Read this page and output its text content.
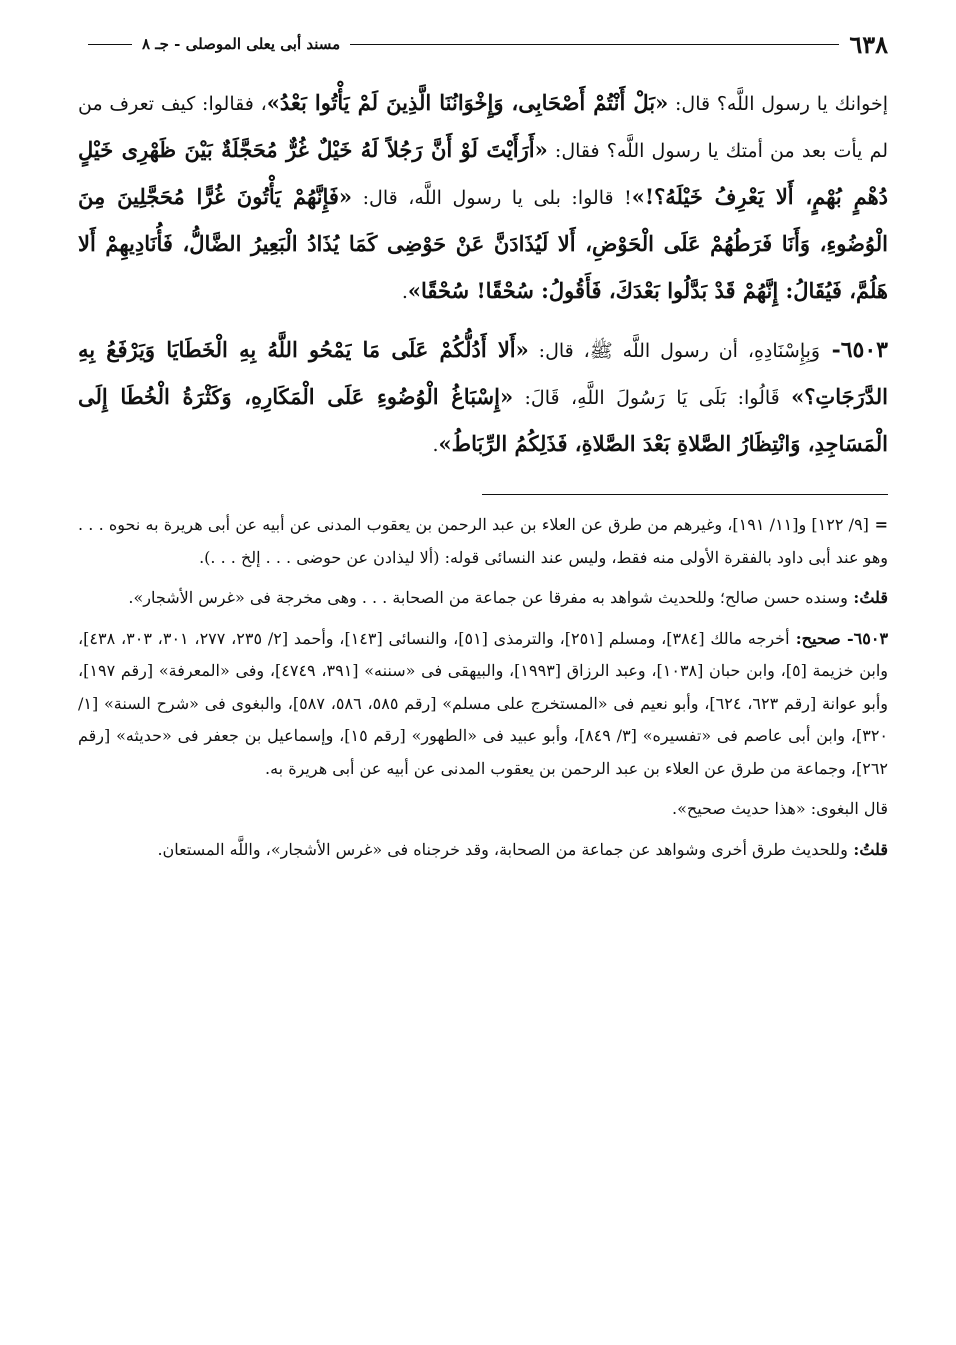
٦٣٨
مسند أبى يعلى الموصلى - جـ ٨

إخوانك يا رسول اللَّه؟ قال: «بَلْ أَنْتُمْ أَصْحَابِى، وَإِخْوَانُنَا الَّذِينَ لَمْ يَأْتُوا بَعْدُ»، فقالوا: كيف تعرف من لم يأت بعد من أمتك يا رسول اللَّه؟ فقال: «أَرَأَيْتَ لَوْ أَنَّ رَجُلاً لَهُ خَيْلٌ غُرٌّ مُحَجَّلَةٌ بَيْنَ ظَهْرِى خَيْلٍ دُهْمٍ بُهْمٍ، أَلا يَعْرِفُ خَيْلَهُ؟!»! قالوا: بلى يا رسول اللَّه، قال: «فَإِنَّهُمْ يَأْتُونَ غُرًّا مُحَجَّلِينَ مِنَ الْوُضُوءِ، وَأَنَا فَرَطُهُمْ عَلَى الْحَوْضِ، أَلا لَيُذَادَنَّ عَنْ حَوْضِى كَمَا يُذَادُ الْبَعِيرُ الضَّالُّ، فَأُنَادِيهِمْ أَلا هَلُمَّ، فَيُقَالُ: إِنَّهُمْ قَدْ بَدَّلُوا بَعْدَكَ، فَأَقُولُ: سُحْقًا! سُحْقًا».

٦٥٠٣- وَبِإِسْنَادِهِ، أن رسول اللَّه ﷺ، قال: «أَلا أَدُلُّكُمْ عَلَى مَا يَمْحُو اللَّهُ بِهِ الْخَطَايَا وَيَرْفَعُ بِهِ الدَّرَجَاتِ؟» قَالُوا: بَلَى يَا رَسُولَ اللَّهِ، قَالَ: «إِسْبَاغُ الْوُضُوءِ عَلَى الْمَكَارِهِ، وَكَثْرَةُ الْخُطَا إِلَى الْمَسَاجِدِ، وَانْتِظَارُ الصَّلاةِ بَعْدَ الصَّلاةِ، فَذَلِكُمُ الرِّبَاطُ».

= [٩/ ١٢٢] و[١١/ ١٩١]، وغيرهم من طرق عن العلاء بن عبد الرحمن بن يعقوب المدنى عن أبيه عن أبى هريرة به نحوه . . . وهو عند أبى داود بالفقرة الأولى منه فقط، وليس عند النسائى قوله: (ألا ليذادن عن حوضى . . . إلخ . . .).

قلتُ: وسنده حسن صالح؛ وللحديث شواهد به مفرقا عن جماعة من الصحابة . . . وهى مخرجة فى «غرس الأشجار».

٦٥٠٣- صحيح: أخرجه مالك [٣٨٤]، ومسلم [٢٥١]، والترمذى [٥١]، والنسائى [١٤٣]، وأحمد [٢/ ٢٣٥، ٢٧٧، ٣٠١، ٣٠٣، ٤٣٨]، وابن خزيمة [٥]، وابن حبان [١٠٣٨]، وعبد الرزاق [١٩٩٣]، والبيهقى فى «سننه» [٣٩١، ٤٧٤٩]، وفى «المعرفة» [رقم ١٩٧]، وأبو عوانة [رقم ٦٢٣، ٦٢٤]، وأبو نعيم فى «المستخرج على مسلم» [رقم ٥٨٥، ٥٨٦، ٥٨٧]، والبغوى فى «شرح السنة» [١/ ٣٢٠]، وابن أبى عاصم فى «تفسيره» [٣/ ٨٤٩]، وأبو عبيد فى «الطهور» [رقم ١٥]، وإسماعيل بن جعفر فى «حديثه» [رقم ٢٦٢]، وجماعة من طرق عن العلاء بن عبد الرحمن بن يعقوب المدنى عن أبيه عن أبى هريرة به.

قال البغوى: «هذا حديث صحيح».

قلتُ: وللحديث طرق أخرى وشواهد عن جماعة من الصحابة، وقد خرجناه فى «غرس الأشجار»، واللَّه المستعان.
